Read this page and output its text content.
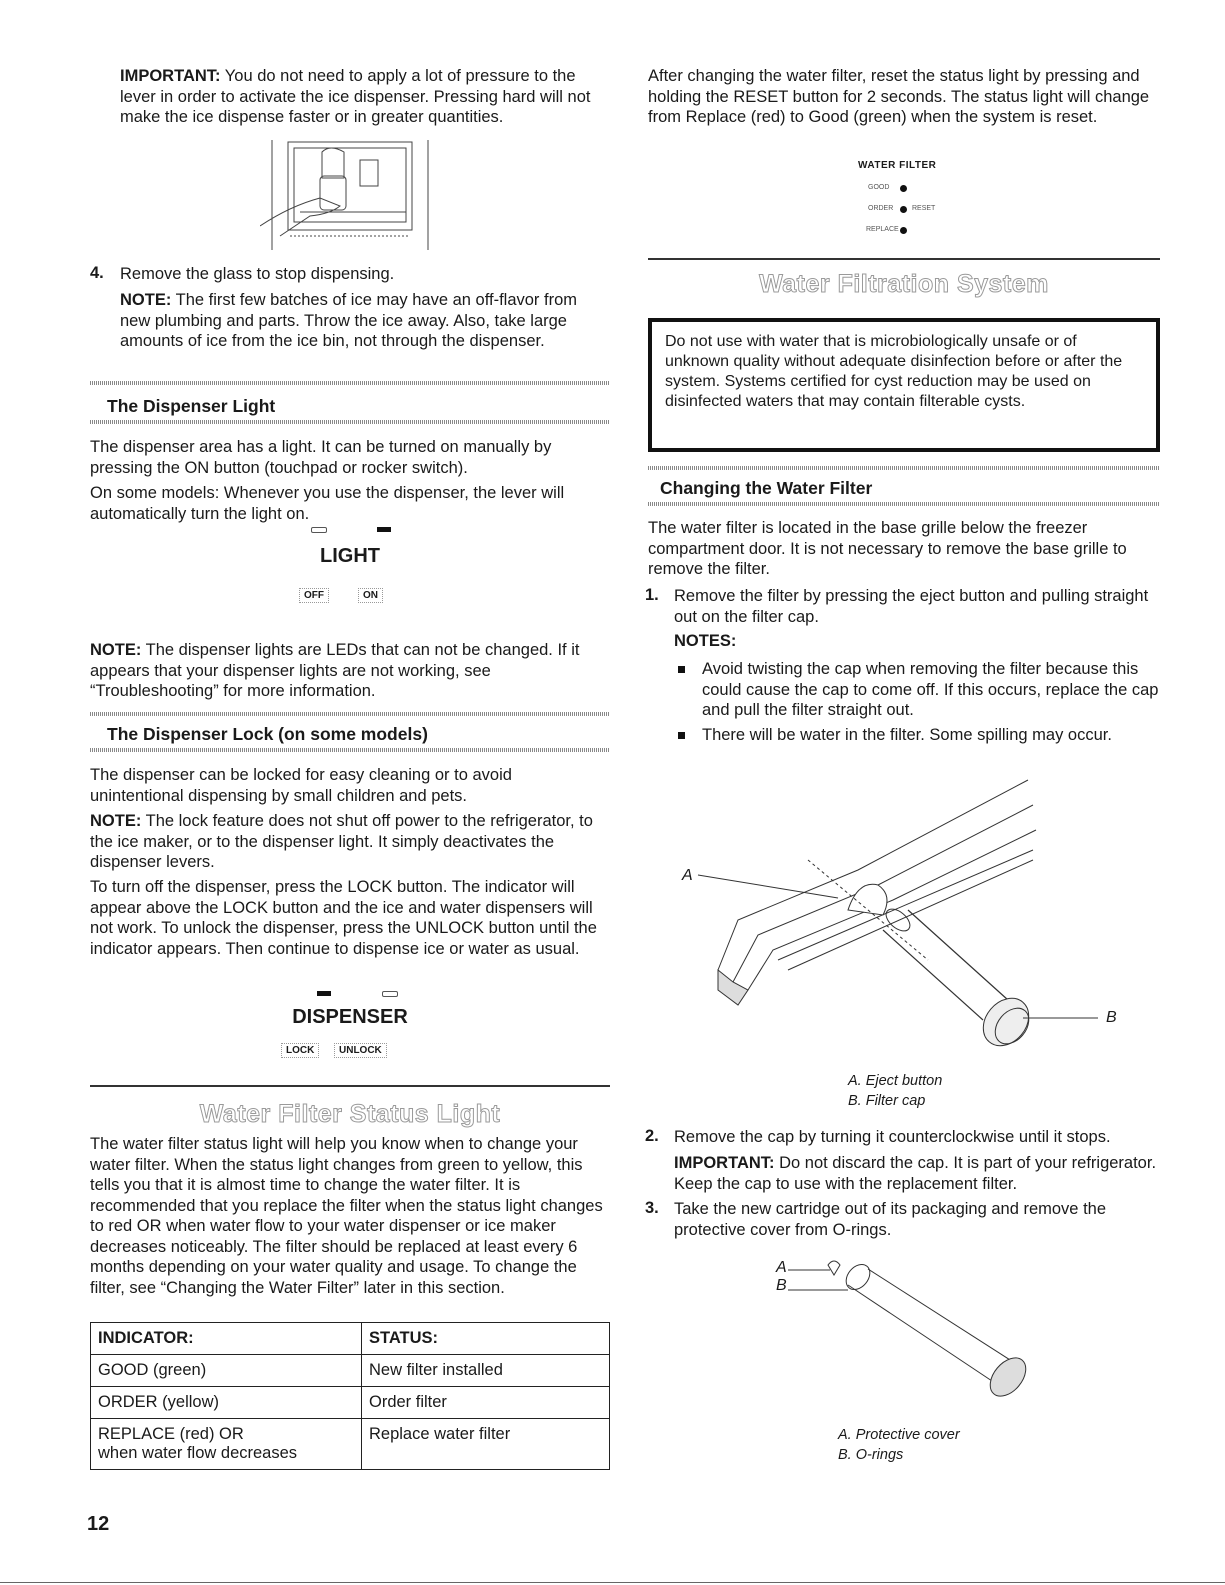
IMPORTANT: You do not need to apply a lot of pressure to the lever in order to activate the ice dispenser. Pressing hard will not make the ice dispense faster or in greater quantities.

4. Remove the glass to stop dispensing.

NOTE: The first few batches of ice may have an off-flavor from new plumbing and parts. Throw the ice away. Also, take large amounts of ice from the ice bin, not through the dispenser.

The Dispenser Light

The dispenser area has a light. It can be turned on manually by pressing the ON button (touchpad or rocker switch).

On some models: Whenever you use the dispenser, the lever will automatically turn the light on.

LIGHT
OFF	ON

NOTE: The dispenser lights are LEDs that can not be changed. If it appears that your dispenser lights are not working, see “Troubleshooting” for more information.

The Dispenser Lock (on some models)

The dispenser can be locked for easy cleaning or to avoid unintentional dispensing by small children and pets.

NOTE: The lock feature does not shut off power to the refrigerator, to the ice maker, or to the dispenser light. It simply deactivates the dispenser levers.

To turn off the dispenser, press the LOCK button. The indicator will appear above the LOCK button and the ice and water dispensers will not work. To unlock the dispenser, press the UNLOCK button until the indicator appears. Then continue to dispense ice or water as usual.

DISPENSER
LOCK	UNLOCK
Water Filter Status Light

The water filter status light will help you know when to change your water filter. When the status light changes from green to yellow, this tells you that it is almost time to change the water filter. It is recommended that you replace the filter when the status light changes to red OR when water flow to your water dispenser or ice maker decreases noticeably. The filter should be replaced at least every 6 months depending on your water quality and usage. To change the filter, see “Changing the Water Filter” later in this section.

INDICATOR:	STATUS:
GOOD (green)	New filter installed
ORDER (yellow)	Order filter
REPLACE (red) OR
when water flow decreases	Replace water filter
12

After changing the water filter, reset the status light by pressing and holding the RESET button for 2 seconds. The status light will change from Replace (red) to Good (green) when the system is reset.

WATER FILTER
GOOD
ORDER	RESET
REPLACE
Water Filtration System

Do not use with water that is microbiologically unsafe or of unknown quality without adequate disinfection before or after the system. Systems certified for cyst reduction may be used on disinfected waters that may contain filterable cysts.

Changing the Water Filter

The water filter is located in the base grille below the freezer compartment door. It is not necessary to remove the base grille to remove the filter.

1. Remove the filter by pressing the eject button and pulling straight out on the filter cap.

NOTES:

Avoid twisting the cap when removing the filter because this could cause the cap to come off. If this occurs, replace the cap and pull the filter straight out.

There will be water in the filter. Some spilling may occur.

A
B
A. Eject button
B. Filter cap
2. Remove the cap by turning it counterclockwise until it stops.

IMPORTANT: Do not discard the cap. It is part of your refrigerator. Keep the cap to use with the replacement filter.

3. Take the new cartridge out of its packaging and remove the protective cover from O-rings.

A
B
A. Protective cover
B. O-rings
